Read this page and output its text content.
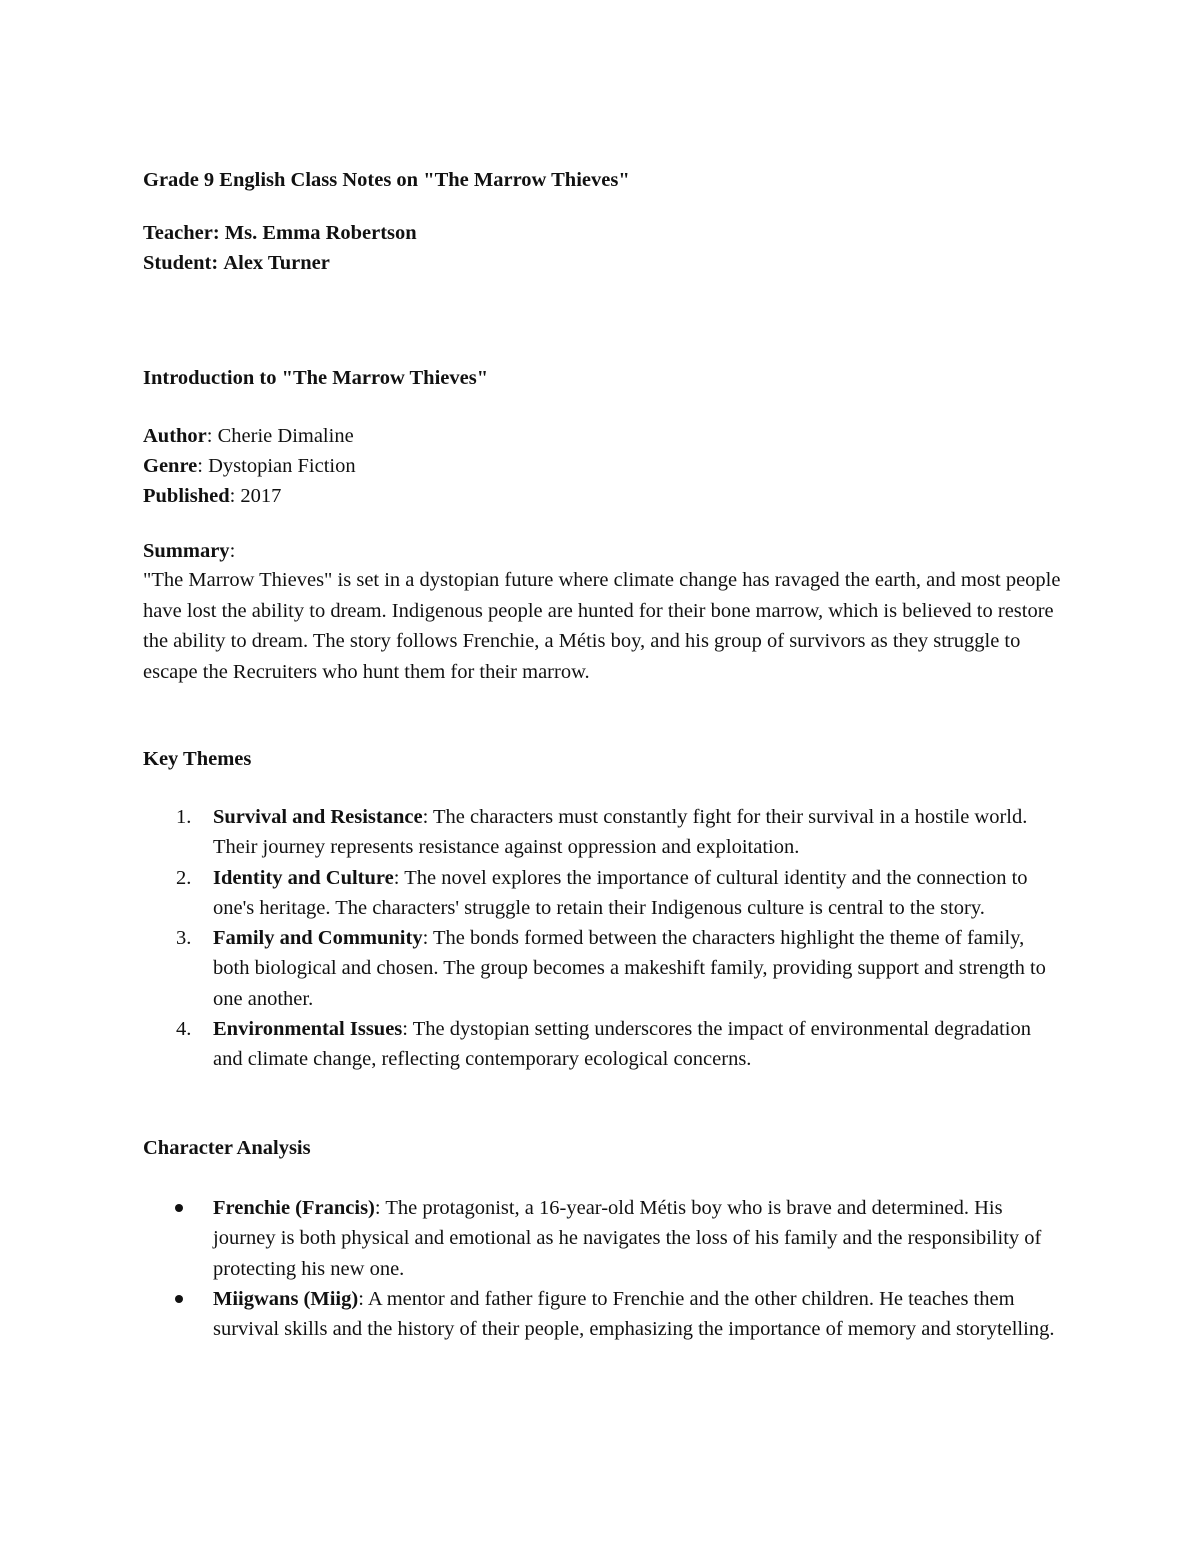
Grade 9 English Class Notes on "The Marrow Thieves"
Teacher: Ms. Emma Robertson
Student: Alex Turner
Introduction to "The Marrow Thieves"
Author: Cherie Dimaline
Genre: Dystopian Fiction
Published: 2017
Summary:
"The Marrow Thieves" is set in a dystopian future where climate change has ravaged the earth, and most people have lost the ability to dream. Indigenous people are hunted for their bone marrow, which is believed to restore the ability to dream. The story follows Frenchie, a Métis boy, and his group of survivors as they struggle to escape the Recruiters who hunt them for their marrow.
Key Themes
1. Survival and Resistance: The characters must constantly fight for their survival in a hostile world. Their journey represents resistance against oppression and exploitation.
2. Identity and Culture: The novel explores the importance of cultural identity and the connection to one's heritage. The characters' struggle to retain their Indigenous culture is central to the story.
3. Family and Community: The bonds formed between the characters highlight the theme of family, both biological and chosen. The group becomes a makeshift family, providing support and strength to one another.
4. Environmental Issues: The dystopian setting underscores the impact of environmental degradation and climate change, reflecting contemporary ecological concerns.
Character Analysis
Frenchie (Francis): The protagonist, a 16-year-old Métis boy who is brave and determined. His journey is both physical and emotional as he navigates the loss of his family and the responsibility of protecting his new one.
Miigwans (Miig): A mentor and father figure to Frenchie and the other children. He teaches them survival skills and the history of their people, emphasizing the importance of memory and storytelling.
